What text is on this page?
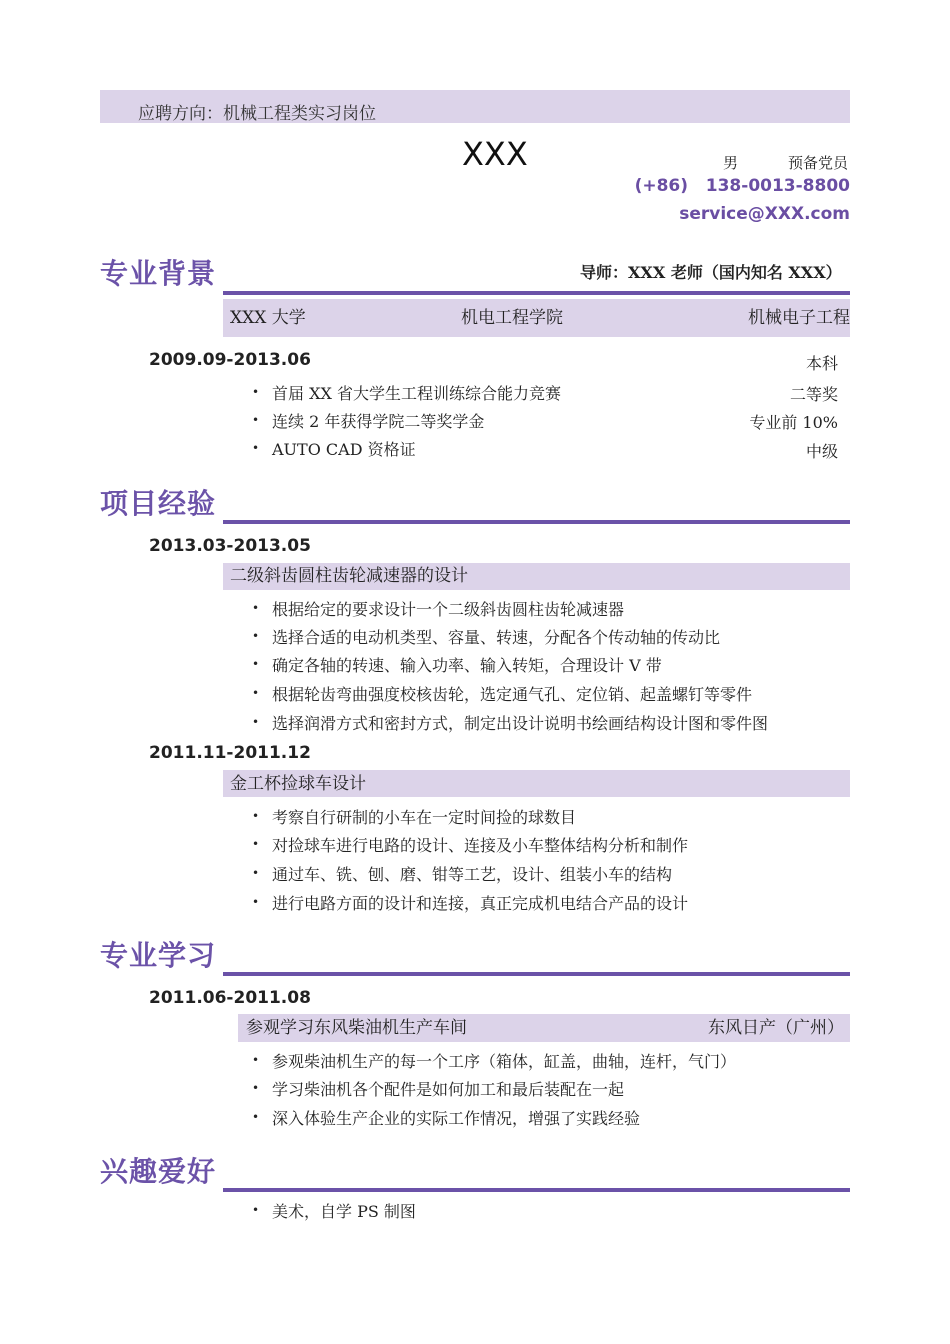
应聘方向：机械工程类实习岗位
XXX	男	预备党员
(+86)   138-0013-8800
service@XXX.com
专业背景	导师：XXX 老师（国内知名 XXX）
XXX 大学	机电工程学院	机械电子工程
2009.09-2013.06	本科
• 首届 XX 省大学生工程训练综合能力竞赛	二等奖
• 连续 2 年获得学院二等奖学金	专业前 10%
• AUTO CAD 资格证	中级
项目经验
2013.03-2013.05
二级斜齿圆柱齿轮减速器的设计
• 根据给定的要求设计一个二级斜齿圆柱齿轮减速器
• 选择合适的电动机类型、容量、转速，分配各个传动轴的传动比
• 确定各轴的转速、输入功率、输入转矩，合理设计 V 带
• 根据轮齿弯曲强度校核齿轮，选定通气孔、定位销、起盖螺钉等零件
• 选择润滑方式和密封方式，制定出设计说明书绘画结构设计图和零件图
2011.11-2011.12
金工杯捡球车设计
• 考察自行研制的小车在一定时间捡的球数目
• 对捡球车进行电路的设计、连接及小车整体结构分析和制作
• 通过车、铣、刨、磨、钳等工艺，设计、组装小车的结构
• 进行电路方面的设计和连接，真正完成机电结合产品的设计
专业学习
2011.06-2011.08
参观学习东风柴油机生产车间	东风日产（广州）
• 参观柴油机生产的每一个工序（箱体，缸盖，曲轴，连杆，气门）
• 学习柴油机各个配件是如何加工和最后装配在一起
• 深入体验生产企业的实际工作情况，增强了实践经验
兴趣爱好
• 美术，自学 PS 制图
